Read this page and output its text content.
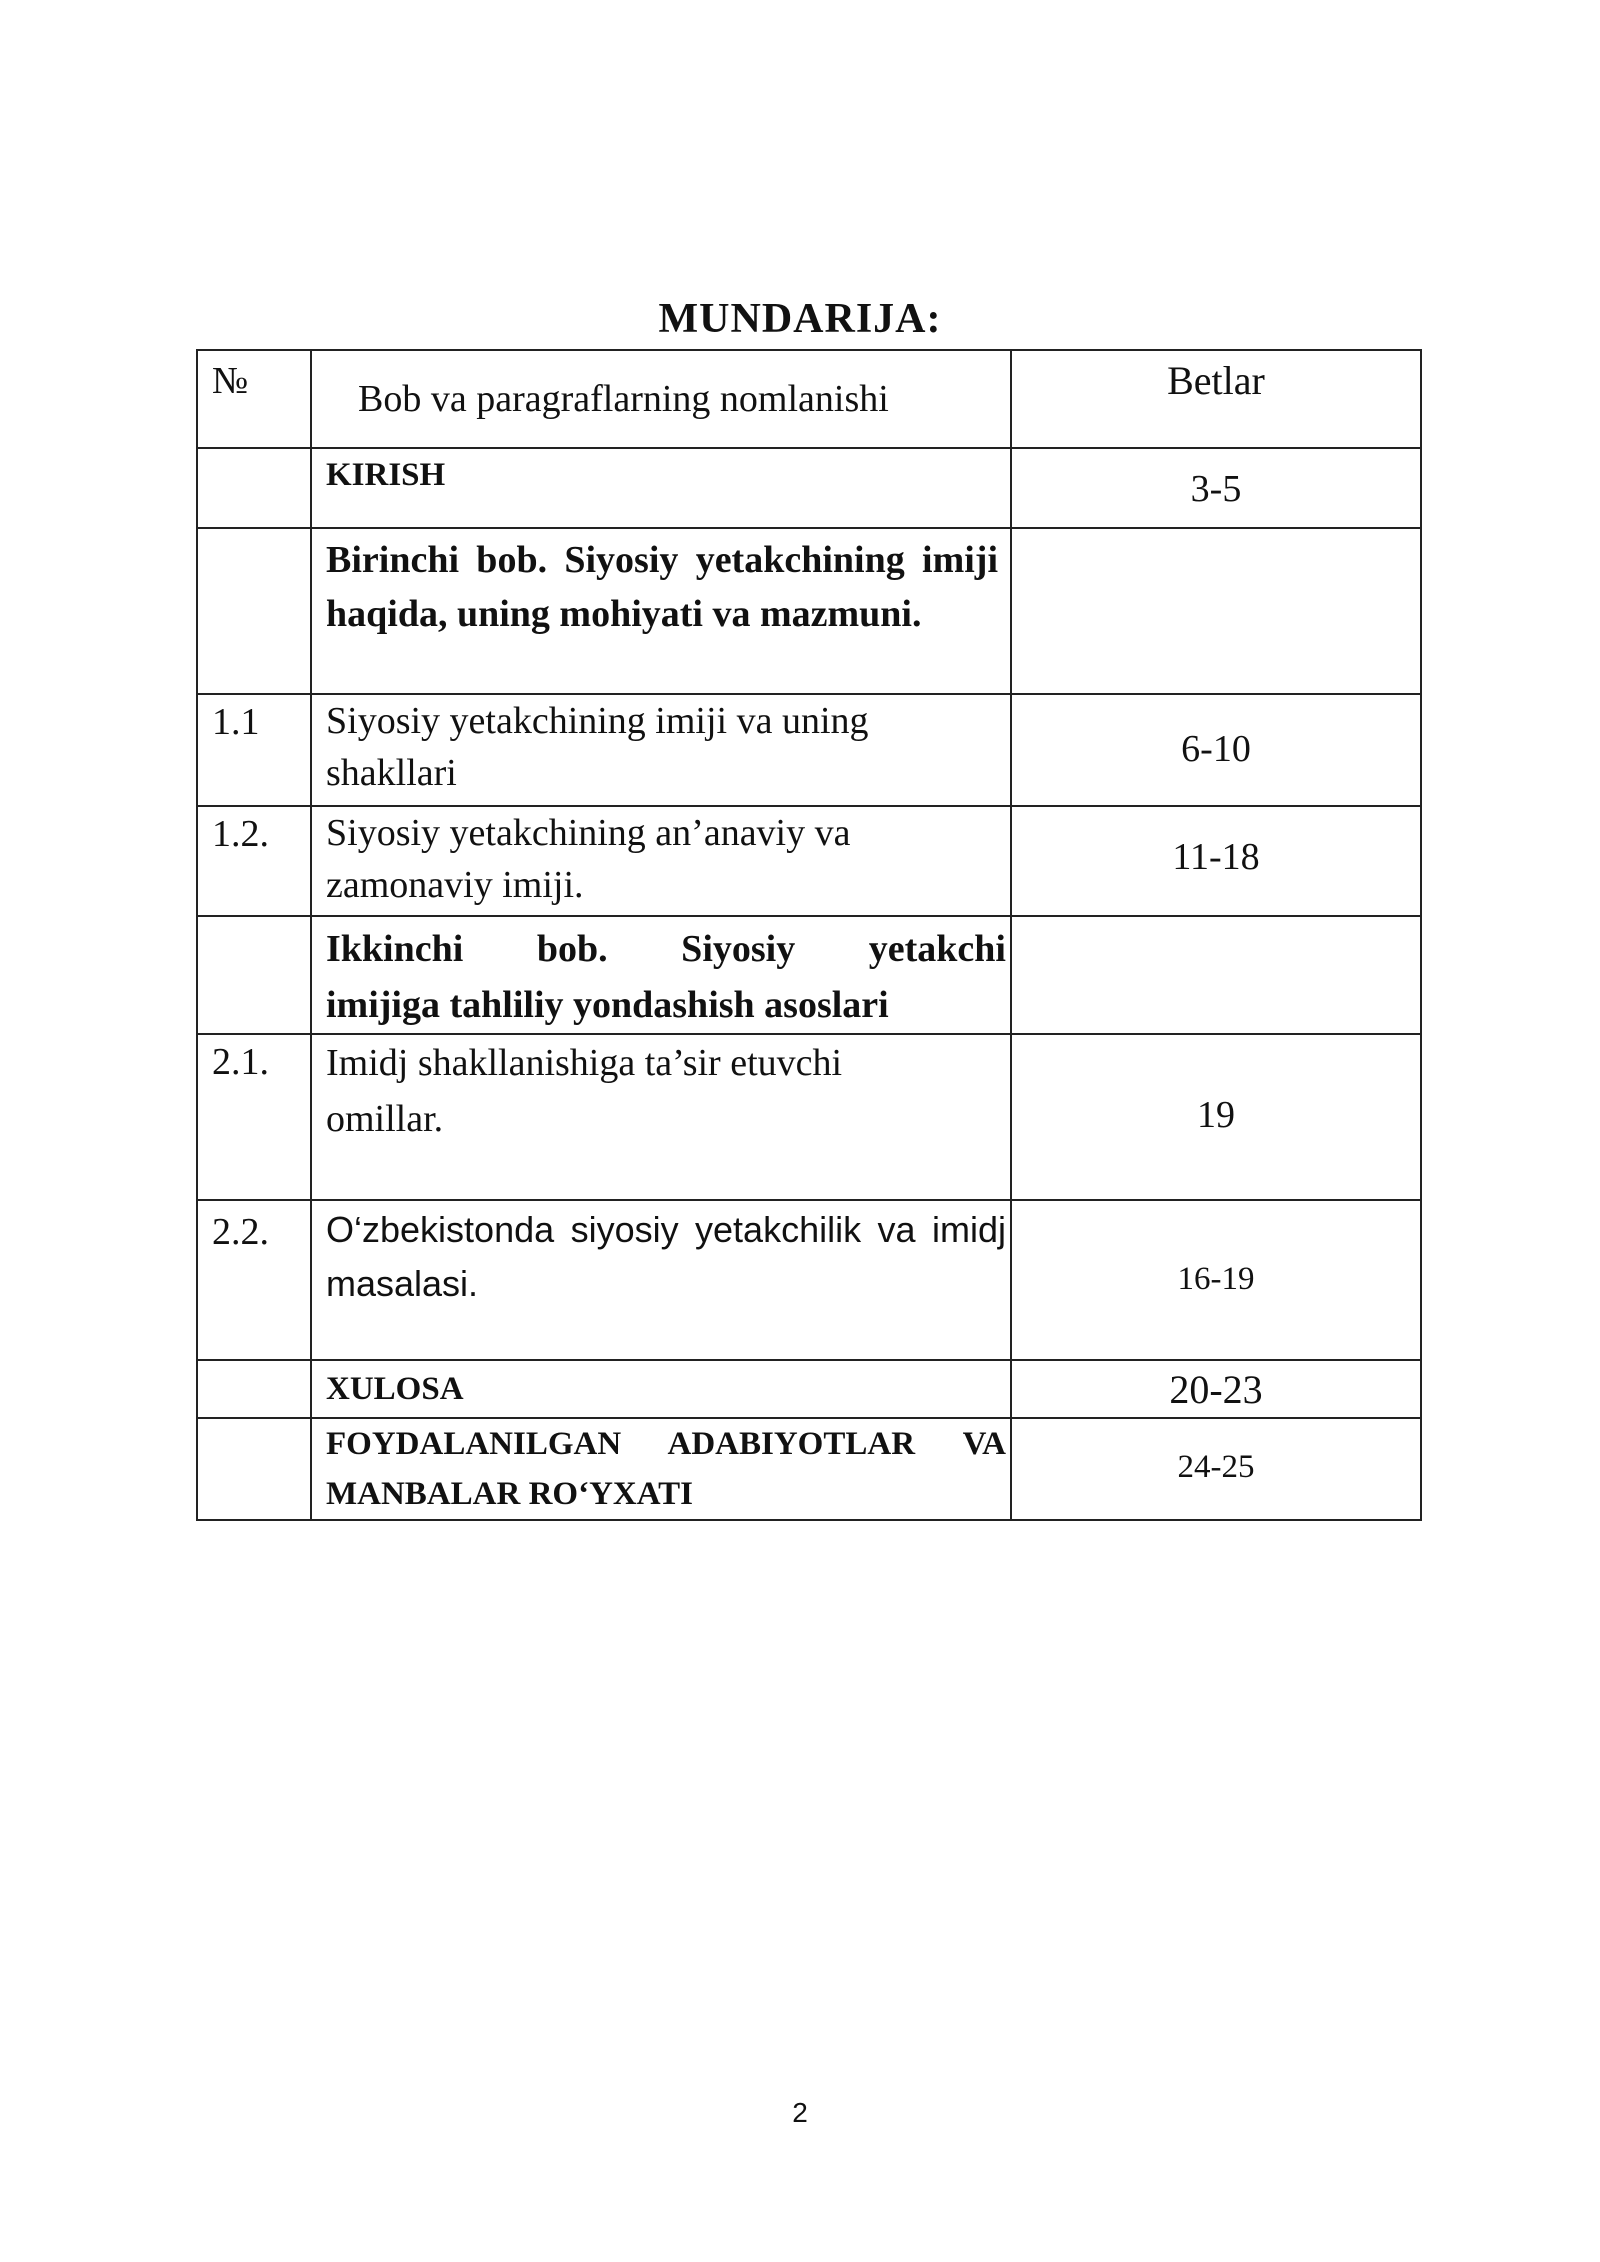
MUNDARIJA:
№	Bob va paragraflarning nomlanishi	Betlar

	KIRISH	3-5

	Birinchi bob. Siyosiy yetakchining imiji haqida, uning mohiyati va mazmuni.	

1.1	Siyosiy yetakchining imiji va uning shakllari	6-10

1.2.	Siyosiy yetakchining an’anaviy va zamonaviy imiji.	11-18

	Ikkinchi bob. Siyosiy yetakchi
imijiga tahliliy yondashish asoslari	

2.1.	Imidj shakllanishiga ta’sir etuvchi
omillar.	19

2.2.	O‘zbekistonda siyosiy yetakchilik va imidj masalasi.	16-19

	XULOSA	20-23

	FOYDALANILGAN ADABIYOTLAR VA MANBALAR RO‘YXATI	24-25
2
